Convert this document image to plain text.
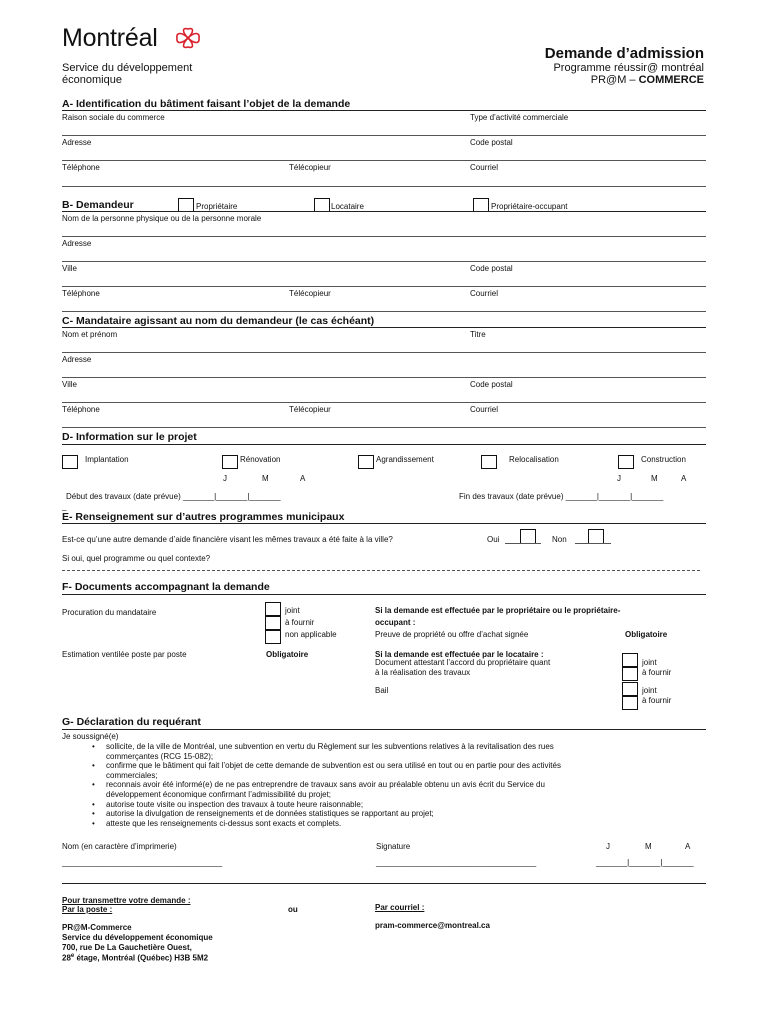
Montréal
Service du développement
économique
Demande d’admission
Programme réussir@ montréal
PR@M – COMMERCE
A- Identification du bâtiment faisant l’objet de la demande
Raison sociale du commerce	Type d’activité commerciale
Adresse	Code postal
Téléphone	Télécopieur	Courriel
B- Demandeur	Propriétaire	Locataire	Propriétaire-occupant
Nom de la personne physique ou de la personne morale
Adresse
Ville	Code postal
Téléphone	Télécopieur	Courriel
C- Mandataire agissant au nom du demandeur (le cas échéant)
Nom et prénom	Titre
Adresse
Ville	Code postal
Téléphone	Télécopieur	Courriel
D- Information sur le projet
Implantation	Rénovation	Agrandissement	Relocalisation	Construction
J	M	A	J	M	A
Début des travaux (date prévue) _______|_______|_______	Fin des travaux (date prévue) _______|_______|_______
_
E- Renseignement sur d’autres programmes municipaux
Est-ce qu’une autre demande d’aide financière visant les mêmes travaux a été faite à la ville?	Oui	Non
Si oui, quel programme ou quel contexte?
F- Documents accompagnant la demande
Procuration du mandataire	joint
à fournir
non applicable
Si la demande est effectuée par le propriétaire ou le propriétaire-
occupant :
Preuve de propriété ou offre d’achat signée	Obligatoire
Estimation ventilée poste par poste	Obligatoire	Si la demande est effectuée par le locataire :
Document attestant l’accord du propriétaire quant
à la réalisation des travaux
joint
à fournir
Bail	joint
à fournir
G- Déclaration du requérant
Je soussigné(e)
• sollicite, de la ville de Montréal, une subvention en vertu du Règlement sur les subventions relatives à la revitalisation des rues
commerçantes (RCG 15-082);
• confirme que le bâtiment qui fait l’objet de cette demande de subvention est ou sera utilisé en tout ou en partie pour des activités
commerciales;
• reconnais avoir été informé(e) de ne pas entreprendre de travaux sans avoir au préalable obtenu un avis écrit du Service du
développement économique confirmant l’admissibilité du projet;
• autorise toute visite ou inspection des travaux à toute heure raisonnable;
• autorise la divulgation de renseignements et de données statistiques se rapportant au projet;
• atteste que les renseignements ci-dessus sont exacts et complets.
Nom (en caractère d’imprimerie)	Signature	J	M	A
____________________________________	____________________________________	_______|_______|_______
Pour transmettre votre demande :
Par la poste :	ou	Par courriel :
pram-commerce@montreal.ca
PR@M-Commerce
Service du développement économique
700, rue De La Gauchetière Ouest,
28e étage, Montréal (Québec) H3B 5M2
